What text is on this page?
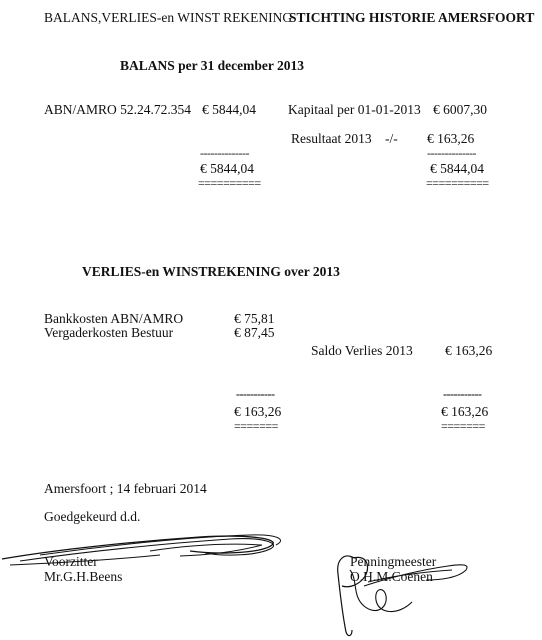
BALANS,VERLIES-en WINST REKENING
STICHTING HISTORIE AMERSFOORT
BALANS per 31 december 2013
ABN/AMRO 52.24.72.354 € 5844,04 Kapitaal per 01-01-2013 € 6007,30
Resultaat 2013 -/- € 163,26
--------------	--------------
€ 5844,04	€ 5844,04
==========	==========
VERLIES-en WINSTREKENING over 2013
Bankkosten ABN/AMRO	€ 75,81
Vergaderkosten Bestuur	€ 87,45
Saldo Verlies 2013 € 163,26
-----------	-----------
€ 163,26	€ 163,26
=======	=======
Amersfoort ; 14 februari 2014
Goedgekeurd d.d.
Voorzitter
Mr.G.H.Beens
Penningmeester
O.H.M.Coenen
